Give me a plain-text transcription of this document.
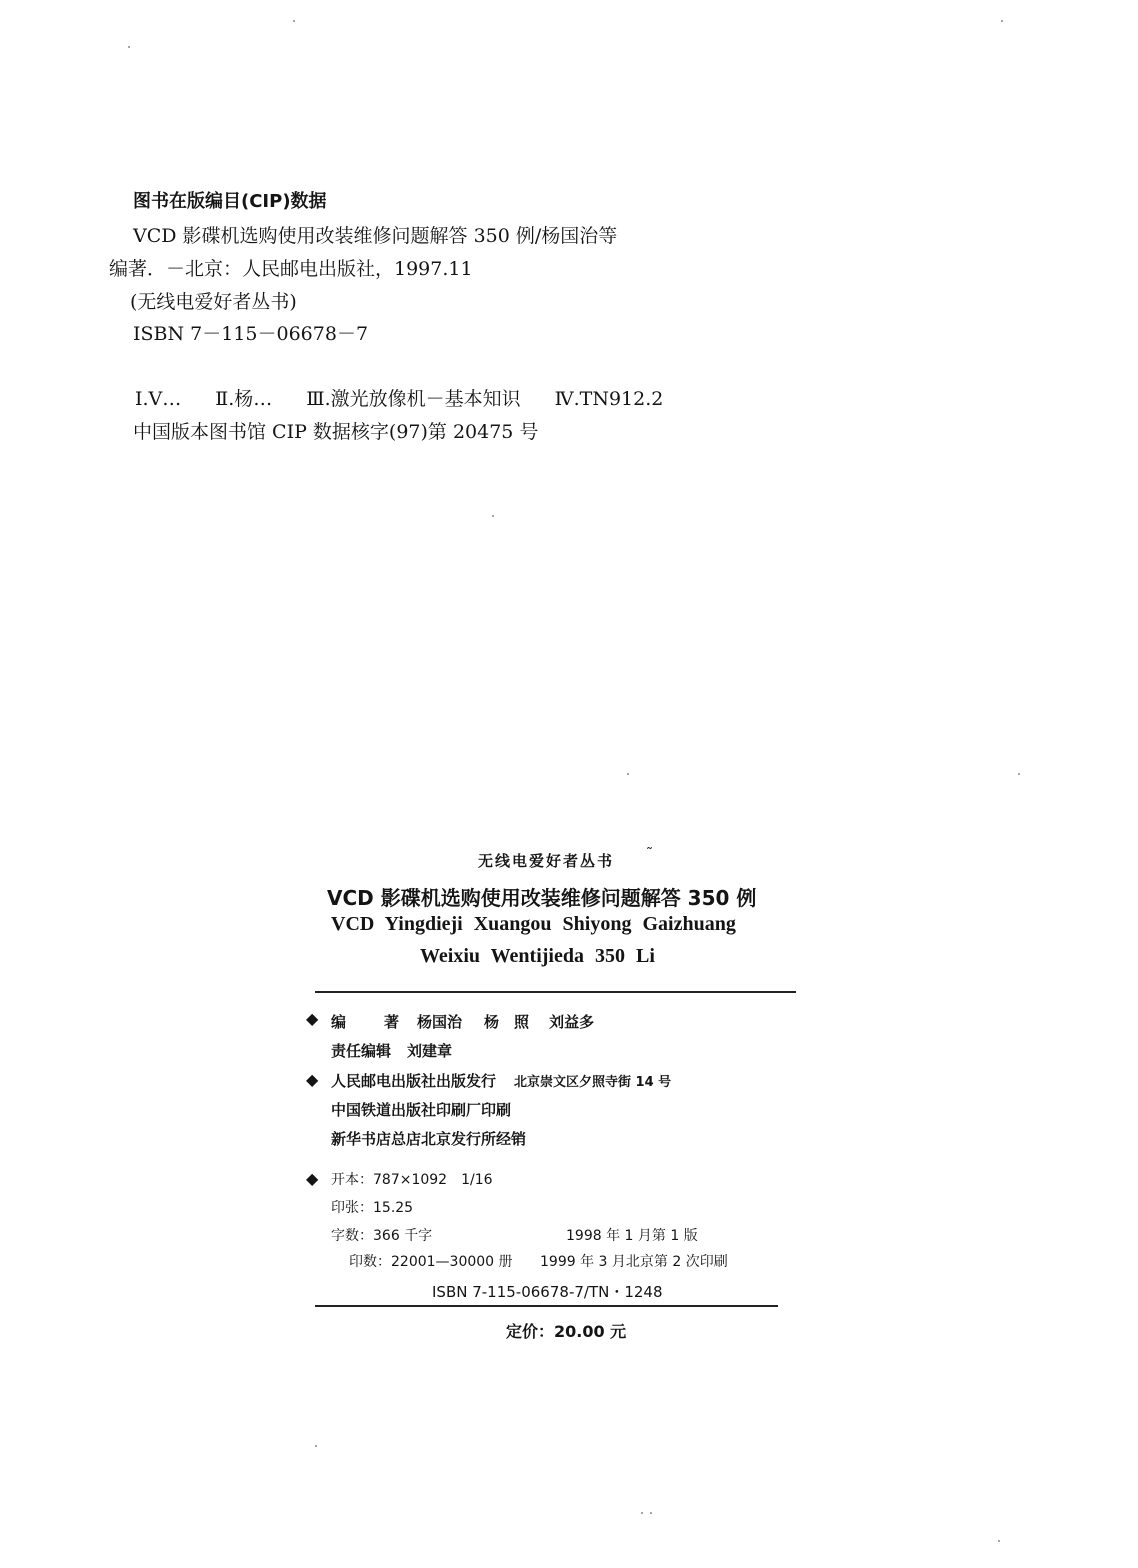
图书在版编目(CIP)数据
VCD 影碟机选购使用改装维修问题解答 350 例/杨国治等
编著．－北京：人民邮电出版社，1997.11
(无线电爱好者丛书)
ISBN 7－115－06678－7
Ⅰ.V… Ⅱ.杨… Ⅲ.激光放像机－基本知识 Ⅳ.TN912.2
中国版本图书馆 CIP 数据核字(97)第 20475 号
无线电爱好者丛书 ˜
VCD 影碟机选购使用改装维修问题解答 350 例
VCD Yingdieji Xuangou Shiyong Gaizhuang
Weixiu Wentijieda 350 Li
◆ 编	著 杨国治 杨　照 刘益多
责任编辑 刘建章
◆ 人民邮电出版社出版发行 北京崇文区夕照寺街 14 号
中国铁道出版社印刷厂印刷
新华书店总店北京发行所经销
◆ 开本：787×1092　1/16
印张：15.25
字数：366 千字	1998 年 1 月第 1 版
印数：22001—30000 册 1999 年 3 月北京第 2 次印刷
ISBN 7-115-06678-7/TN・1248
定价：20.00 元
